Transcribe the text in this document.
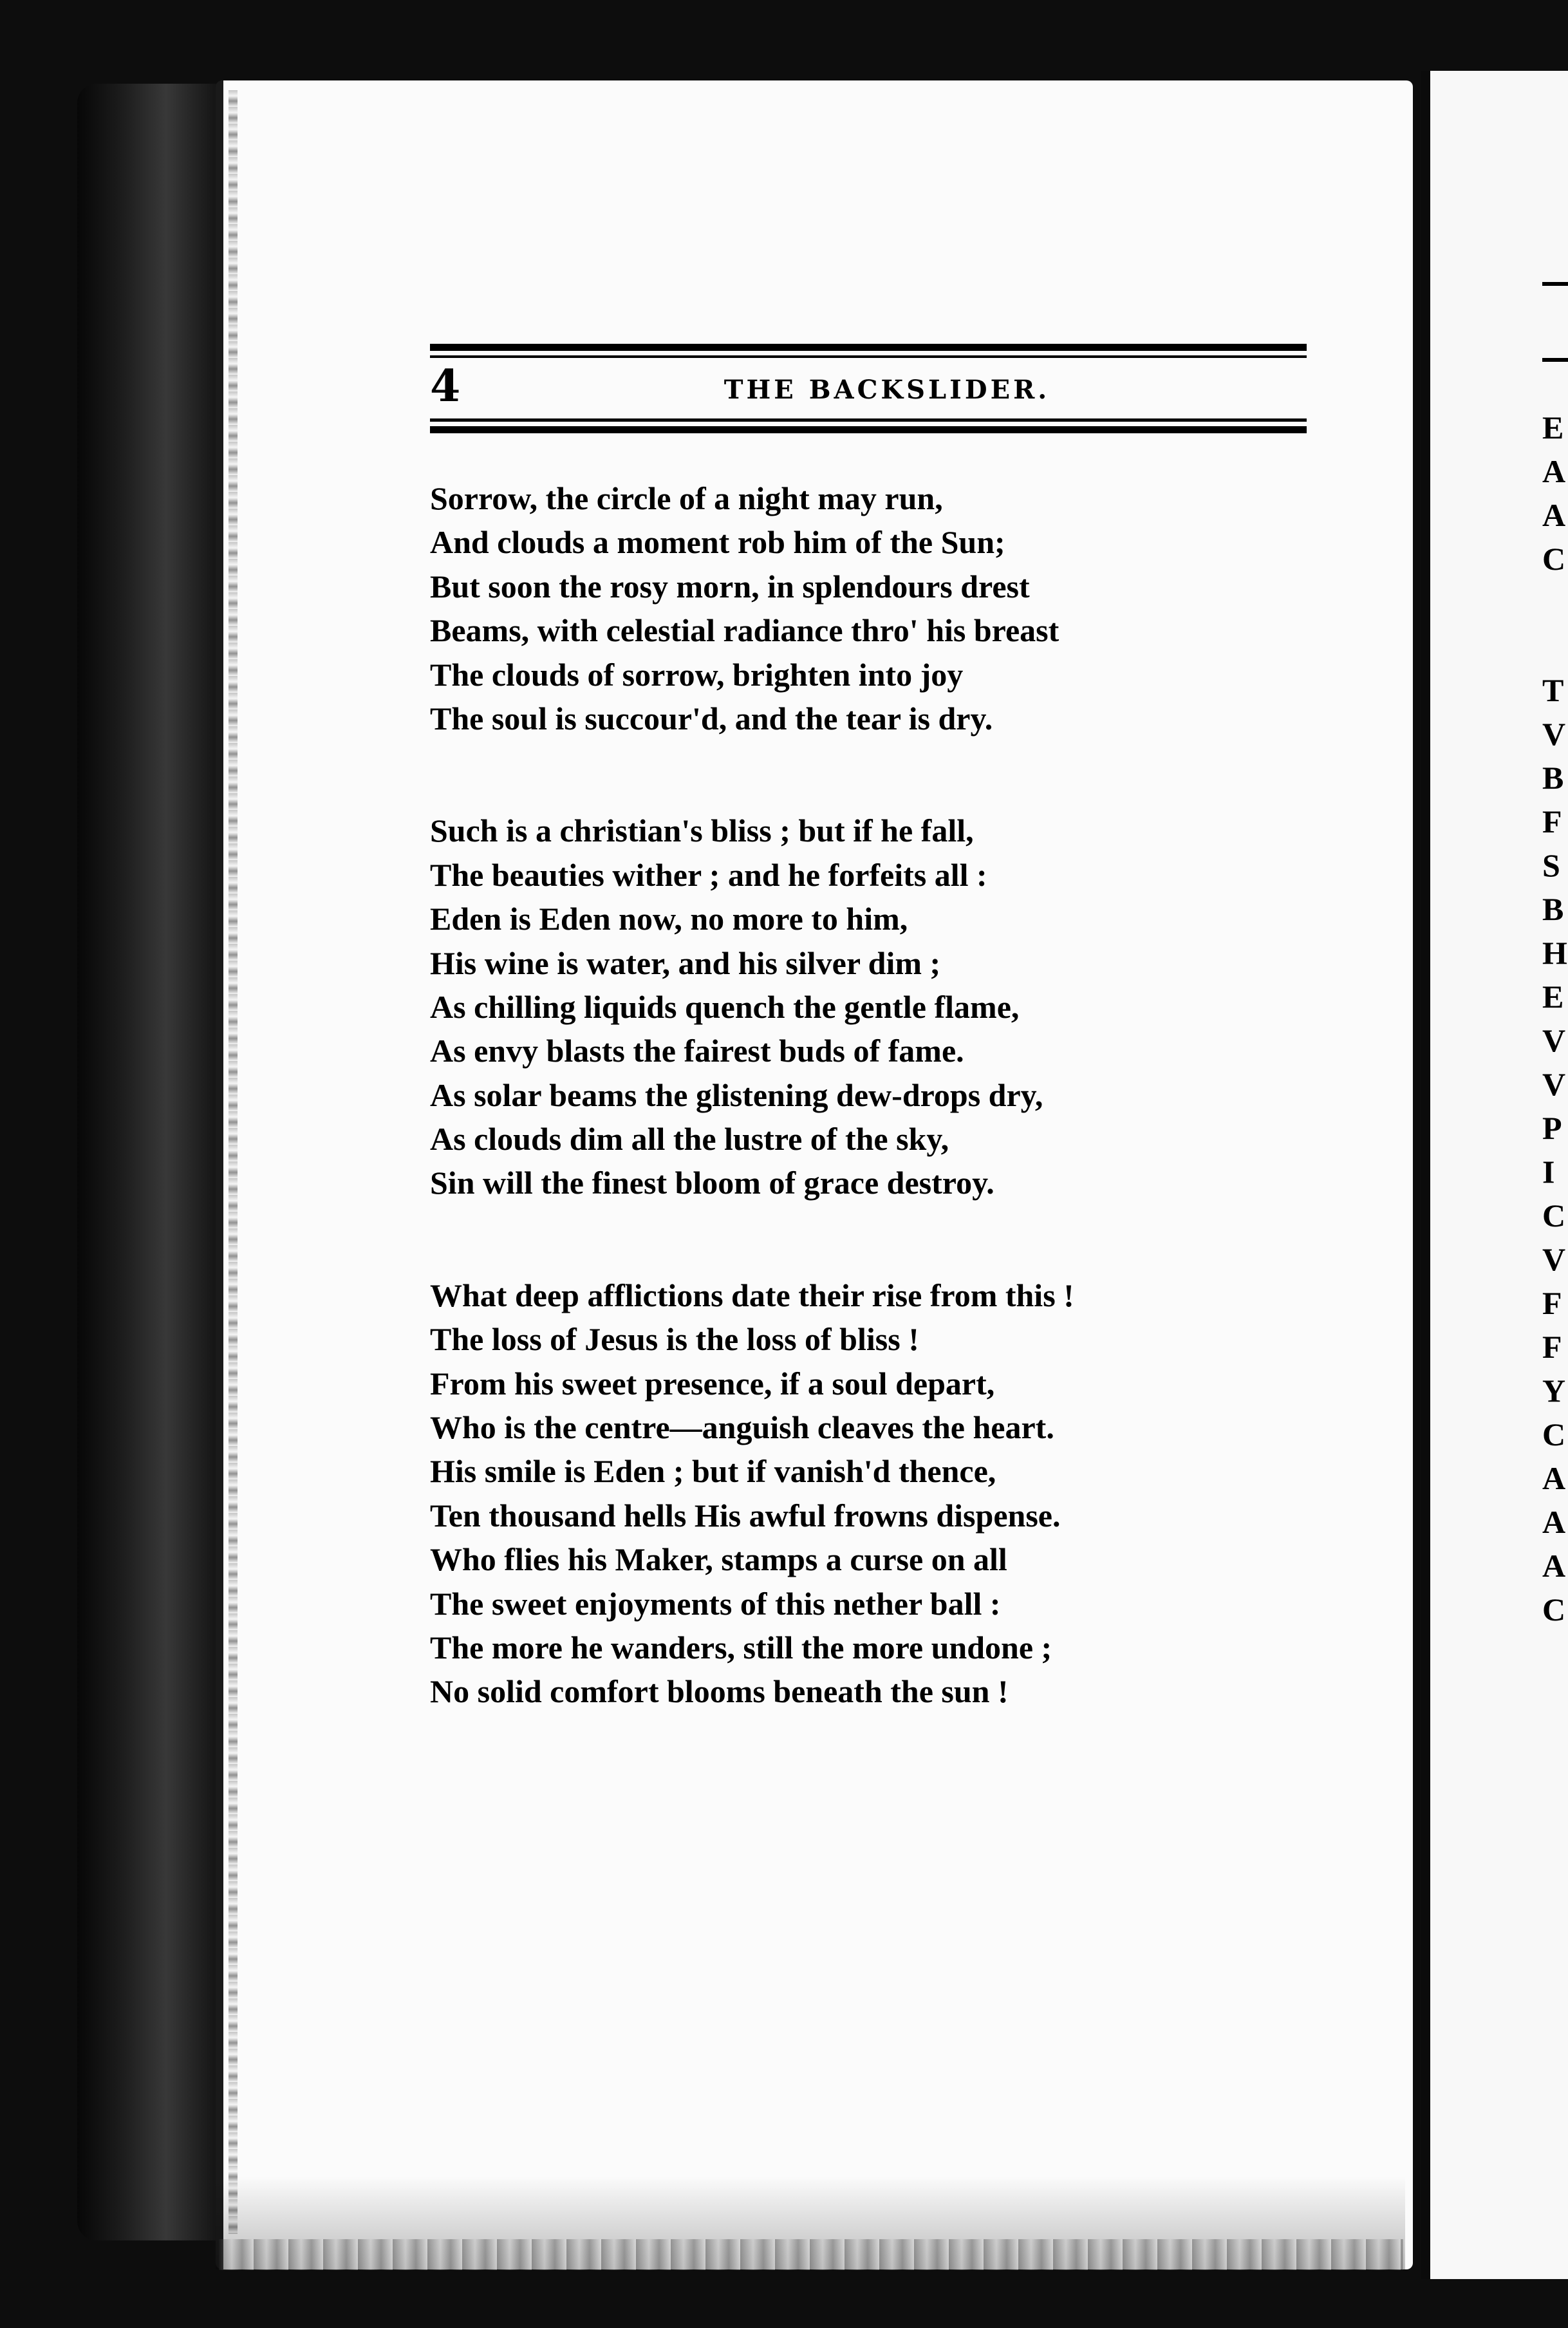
4	THE BACKSLIDER.
Sorrow, the circle of a night may run,
And clouds a moment rob him of the Sun;
But soon the rosy morn, in splendours drest
Beams, with celestial radiance thro' his breast
The clouds of sorrow, brighten into joy
The soul is succour'd, and the tear is dry.
Such is a christian's bliss ; but if he fall,
The beauties wither ; and he forfeits all :
Eden is Eden now, no more to him,
His wine is water, and his silver dim ;
As chilling liquids quench the gentle flame,
As envy blasts the fairest buds of fame.
As solar beams the glistening dew-drops dry,
As clouds dim all the lustre of the sky,
Sin will the finest bloom of grace destroy.
What deep afflictions date their rise from this !
The loss of Jesus is the loss of bliss !
From his sweet presence, if a soul depart,
Who is the centre—anguish cleaves the heart.
His smile is Eden ; but if vanish'd thence,
Ten thousand hells His awful frowns dispense.
Who flies his Maker, stamps a curse on all
The sweet enjoyments of this nether ball :
The more he wanders, still the more undone ;
No solid comfort blooms beneath the sun !
E
A
A
C
T
V
B
F
S
B
H
E
V
V
P
I
C
V
F
F
Y
C
A
A
A
C
